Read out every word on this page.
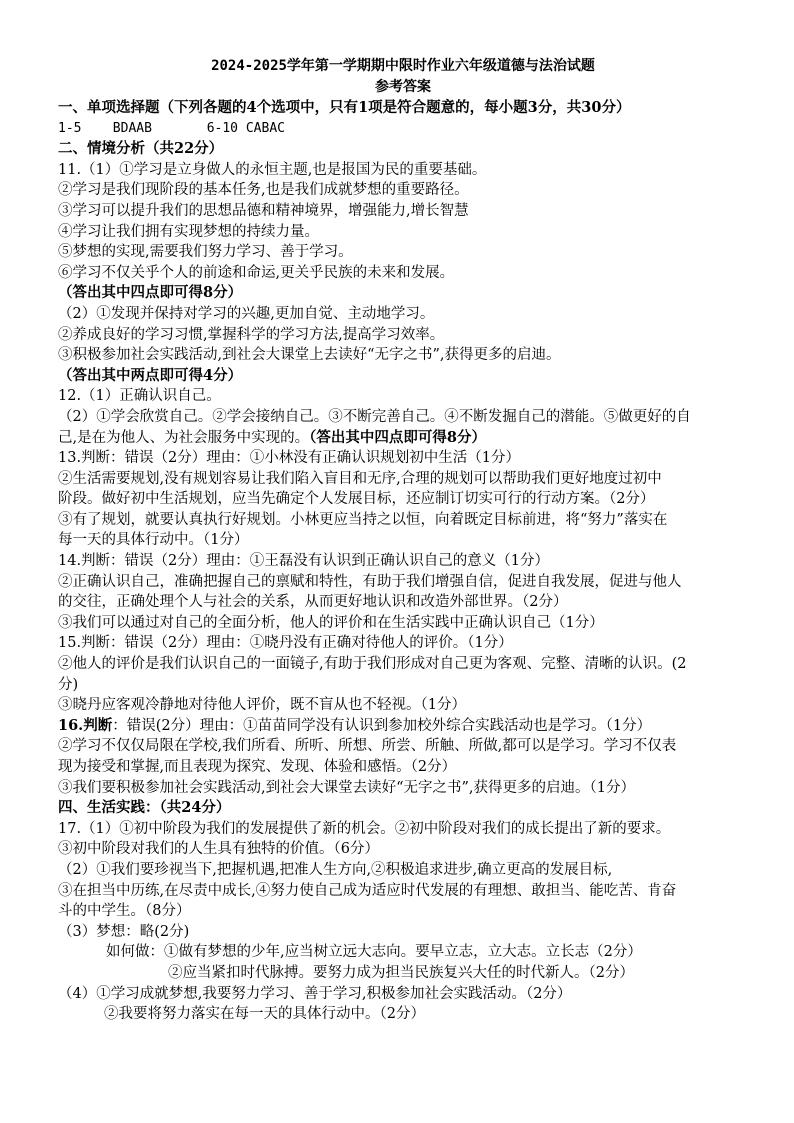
2024-2025学年第一学期期中限时作业六年级道德与法治试题
参考答案
一、单项选择题（下列各题的4个选项中，只有1项是符合题意的，每小题3分，共30分）
1-5    BDAAB       6-10 CABAC
二、情境分析（共22分）
11.（1）①学习是立身做人的永恒主题,也是报国为民的重要基础。
②学习是我们现阶段的基本任务,也是我们成就梦想的重要路径。
③学习可以提升我们的思想品德和精神境界，增强能力,增长智慧
④学习让我们拥有实现梦想的持续力量。
⑤梦想的实现,需要我们努力学习、善于学习。
⑥学习不仅关乎个人的前途和命运,更关乎民族的未来和发展。
（答出其中四点即可得8分）
（2）①发现并保持对学习的兴趣,更加自觉、主动地学习。
②养成良好的学习习惯,掌握科学的学习方法,提高学习效率。
③积极参加社会实践活动,到社会大课堂上去读好“无字之书”,获得更多的启迪。
（答出其中两点即可得4分）
12.（1）正确认识自己。
（2）①学会欣赏自己。②学会接纳自己。③不断完善自己。④不断发掘自己的潜能。⑤做更好的自
己,是在为他人、为社会服务中实现的。（答出其中四点即可得8分）
13.判断：错误（2分）理由：①小林没有正确认识规划初中生活（1分）
②生活需要规划,没有规划容易让我们陷入盲目和无序,合理的规划可以帮助我们更好地度过初中
阶段。做好初中生活规划，应当先确定个人发展目标，还应制订切实可行的行动方案。（2分）
③有了规划，就要认真执行好规划。小林更应当持之以恒，向着既定目标前进，将“努力”落实在
每一天的具体行动中。（1分）
14.判断：错误（2分）理由：①王磊没有认识到正确认识自己的意义（1分）
②正确认识自己，准确把握自己的禀赋和特性，有助于我们增强自信，促进自我发展，促进与他人
的交往，正确处理个人与社会的关系，从而更好地认识和改造外部世界。（2分）
③我们可以通过对自己的全面分析，他人的评价和在生活实践中正确认识自己（1分）
15.判断：错误（2分）理由：①晓丹没有正确对待他人的评价。（1分）
②他人的评价是我们认识自己的一面镜子,有助于我们形成对自己更为客观、完整、清晰的认识。(2
分)
③晓丹应客观冷静地对待他人评价，既不盲从也不轻视。（1分）
16.判断：错误(2分）理由：①苗苗同学没有认识到参加校外综合实践活动也是学习。（1分）
②学习不仅仅局限在学校,我们所看、所听、所想、所尝、所触、所做,都可以是学习。学习不仅表
现为接受和掌握,而且表现为探究、发现、体验和感悟。（2分）
③我们要积极参加社会实践活动,到社会大课堂去读好“无字之书”,获得更多的启迪。（1分）
四、生活实践：（共24分）
17.（1）①初中阶段为我们的发展提供了新的机会。②初中阶段对我们的成长提出了新的要求。
③初中阶段对我们的人生具有独特的价值。（6分）
（2）①我们要珍视当下,把握机遇,把准人生方向,②积极追求进步,确立更高的发展目标,
③在担当中历练,在尽责中成长,④努力使自己成为适应时代发展的有理想、敢担当、能吃苦、肯奋
斗的中学生。（8分）
（3）梦想：略(2分)
如何做：①做有梦想的少年,应当树立远大志向。要早立志，立大志。立长志（2分）
②应当紧扣时代脉搏。要努力成为担当民族复兴大任的时代新人。（2分）
（4）①学习成就梦想,我要努力学习、善于学习,积极参加社会实践活动。（2分）
②我要将努力落实在每一天的具体行动中。（2分）
